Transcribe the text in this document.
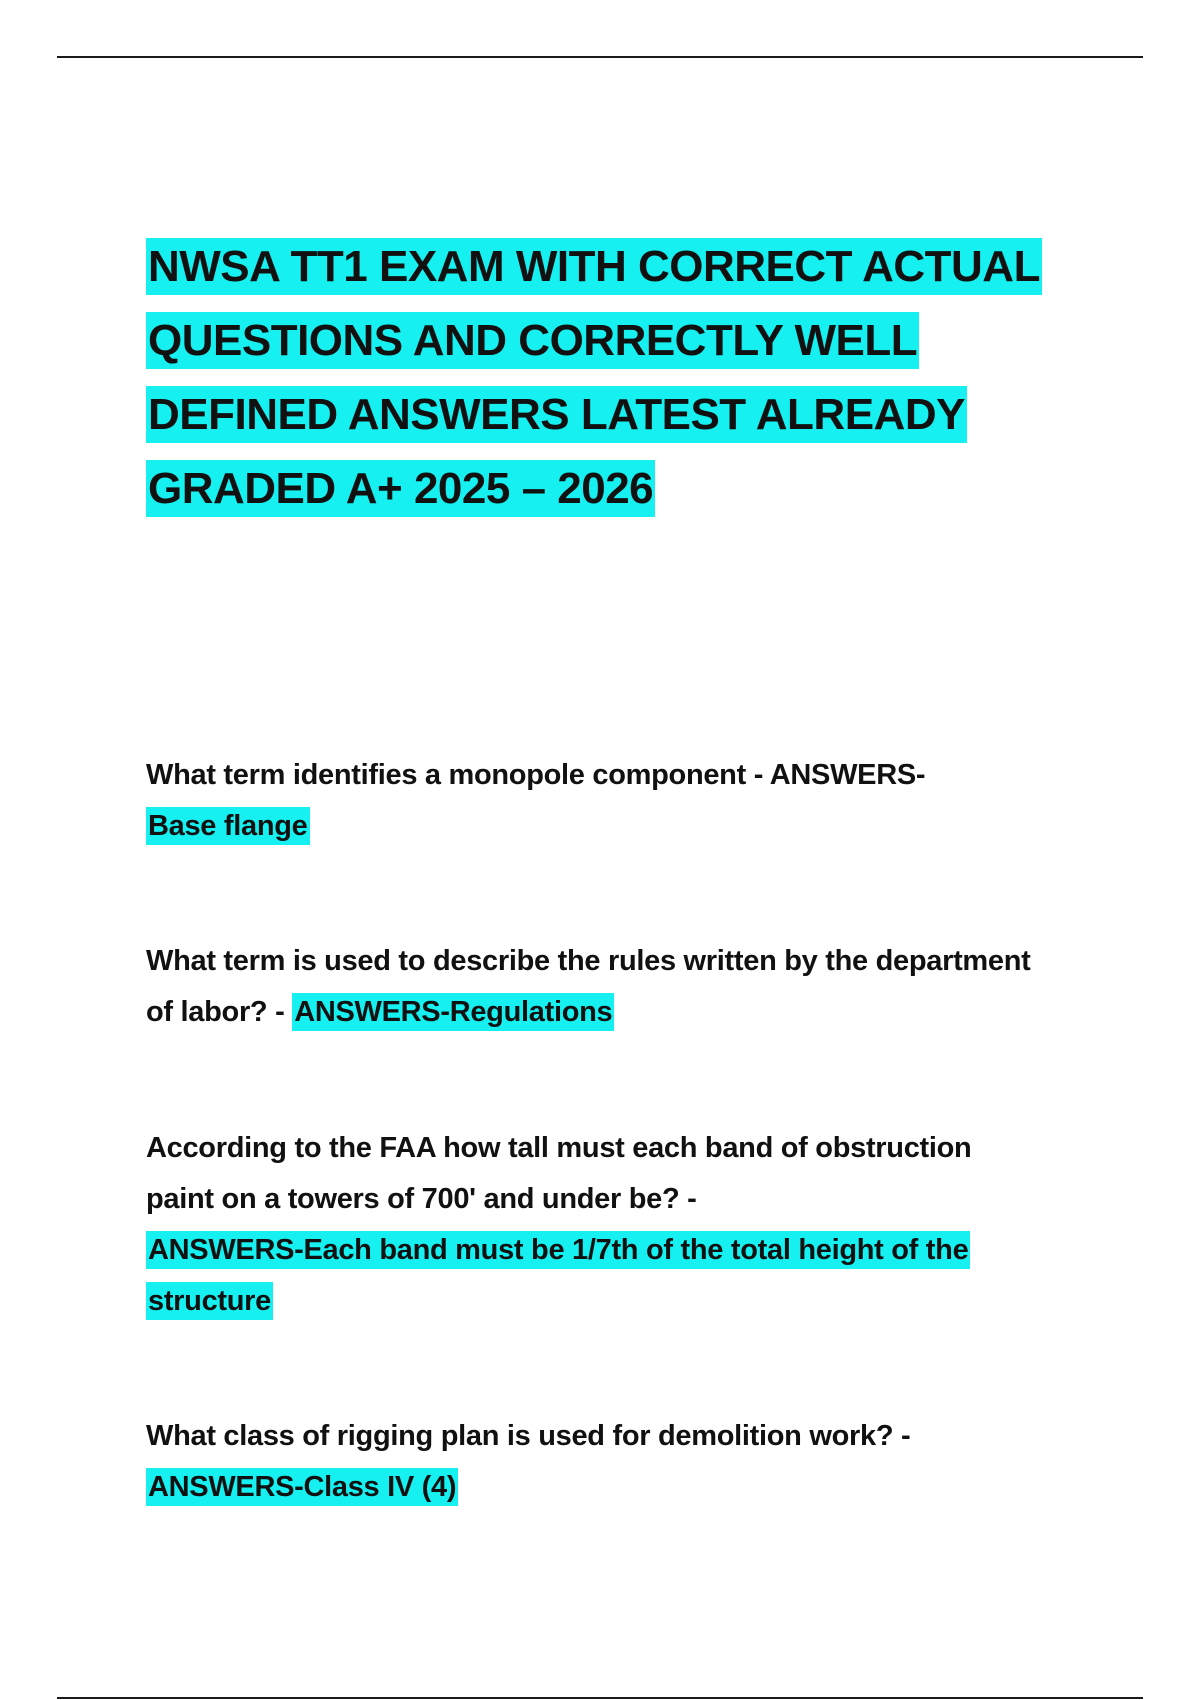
NWSA TT1 EXAM WITH CORRECT ACTUAL QUESTIONS AND CORRECTLY WELL DEFINED ANSWERS LATEST ALREADY GRADED A+ 2025 – 2026

What term identifies a monopole component - ANSWERS-
Base flange

What term is used to describe the rules written by the department of labor? - ANSWERS-Regulations

According to the FAA how tall must each band of obstruction paint on a towers of 700' and under be? -
ANSWERS-Each band must be 1/7th of the total height of the structure

What class of rigging plan is used for demolition work? -
ANSWERS-Class IV (4)
